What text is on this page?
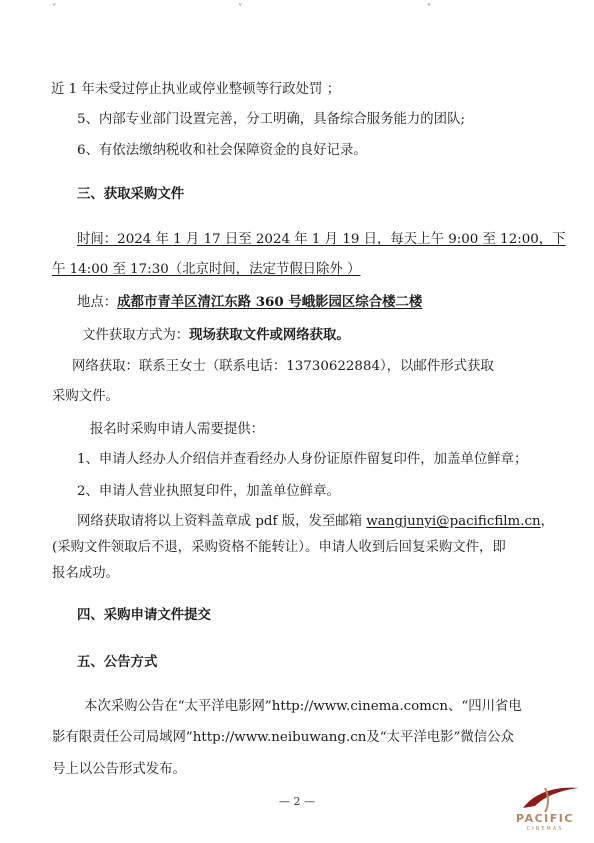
˅	˅	˅
近 1 年未受过停止执业或停业整顿等行政处罚 ；
5、内部专业部门设置完善，分工明确，具备综合服务能力的团队;
6、有依法缴纳税收和社会保障资金的良好记录。
三、获取采购文件
时间：2024 年 1 月 17 日至 2024 年 1 月 19 日，每天上午 9:00 至 12:00，下
午 14:00 至 17:30（北京时间，法定节假日除外 ）
地点：成都市青羊区清江东路 360 号峨影园区综合楼二楼
文件获取方式为：现场获取文件或网络获取。
网络获取：联系王女士（联系电话：13730622884），以邮件形式获取
采购文件。
报名时采购申请人需要提供：
1、申请人经办人介绍信并查看经办人身份证原件留复印件，加盖单位鲜章；
2、申请人营业执照复印件，加盖单位鲜章。
网络获取请将以上资料盖章成 pdf 版，发至邮箱 wangjunyi@pacificfilm.cn，
(采购文件领取后不退，采购资格不能转让）。申请人收到后回复采购文件，即
报名成功。
四、采购申请文件提交
五、公告方式
本次采购公告在“太平洋电影网”http://www.cinema.comcn、“四川省电
影有限责任公司局域网”http://www.neibuwang.cn及“太平洋电影”微信公众
号上以公告形式发布。
— 2 —
PACIFIC
CINEMAS
